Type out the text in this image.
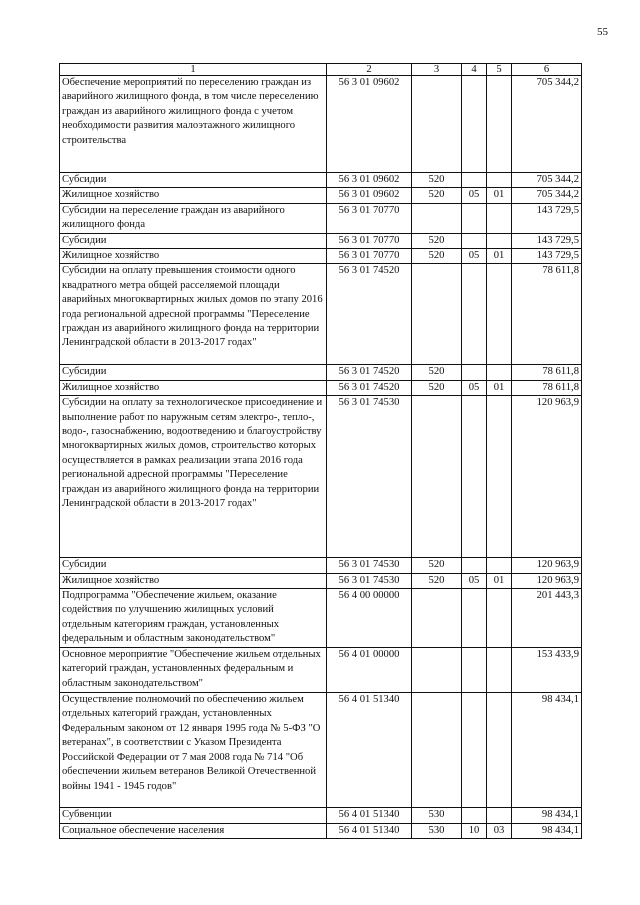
55
1	2	3	4	5	6
Обеспечение мероприятий по переселению граждан из аварийного жилищного фонда, в том числе переселению граждан из аварийного жилищного фонда с учетом необходимости развития малоэтажного жилищного строительства	56 3 01 09602				705 344,2
Субсидии	56 3 01 09602	520			705 344,2
Жилищное хозяйство	56 3 01 09602	520	05	01	705 344,2
Субсидии на переселение граждан из аварийного жилищного фонда	56 3 01 70770				143 729,5
Субсидии	56 3 01 70770	520			143 729,5
Жилищное хозяйство	56 3 01 70770	520	05	01	143 729,5
Субсидии на оплату превышения стоимости одного квадратного метра общей расселяемой площади аварийных многоквартирных жилых домов по этапу 2016 года региональной адресной программы "Переселение граждан из аварийного жилищного фонда на территории Ленинградской области в 2013-2017 годах"	56 3 01 74520				78 611,8
Субсидии	56 3 01 74520	520			78 611,8
Жилищное хозяйство	56 3 01 74520	520	05	01	78 611,8
Субсидии на оплату за технологическое присоединение и выполнение работ по наружным сетям электро-, тепло-, водо-, газоснабжению, водоотведению и благоустройству многоквартирных жилых домов, строительство которых осуществляется в рамках реализации этапа 2016 года региональной адресной программы "Переселение граждан из аварийного жилищного фонда на территории Ленинградской области в 2013-2017 годах"	56 3 01 74530				120 963,9
Субсидии	56 3 01 74530	520			120 963,9
Жилищное хозяйство	56 3 01 74530	520	05	01	120 963,9
Подпрограмма "Обеспечение жильем, оказание содействия по улучшению жилищных условий отдельным категориям граждан, установленных федеральным и областным законодательством"	56 4 00 00000				201 443,3
Основное мероприятие "Обеспечение жильем отдельных категорий граждан, установленных федеральным и областным законодательством"	56 4 01 00000				153 433,9
Осуществление полномочий по обеспечению жильем отдельных категорий граждан, установленных Федеральным законом от 12 января 1995 года № 5-ФЗ "О ветеранах", в соответствии с Указом Президента Российской Федерации от 7 мая 2008 года № 714 "Об обеспечении жильем ветеранов Великой Отечественной войны 1941 - 1945 годов"	56 4 01 51340				98 434,1
Субвенции	56 4 01 51340	530			98 434,1
Социальное обеспечение населения	56 4 01 51340	530	10	03	98 434,1
